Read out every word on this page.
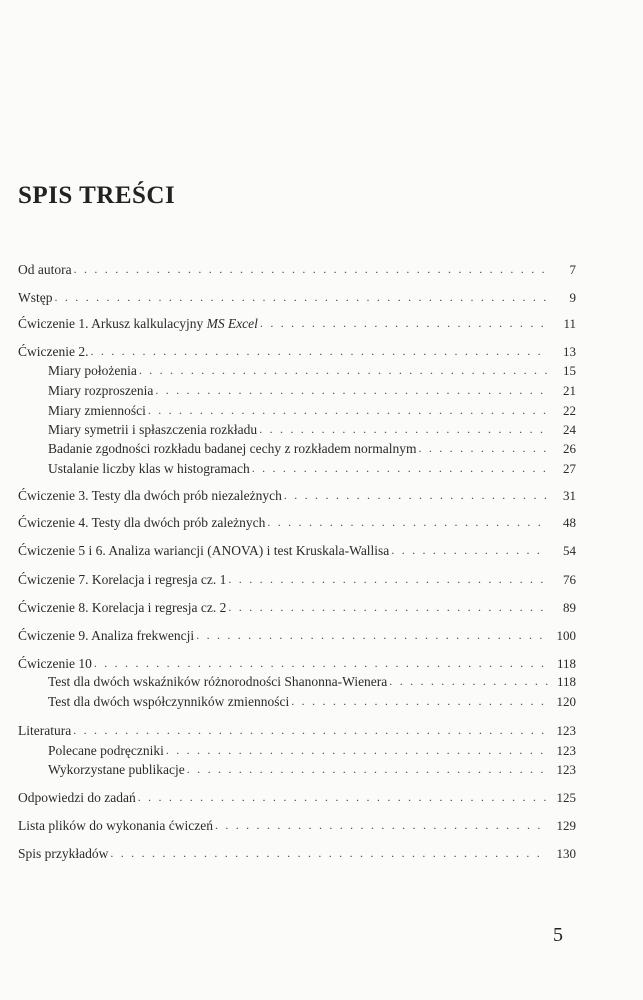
SPIS TREŚCI
Od autora . . .	7
Wstęp . . .	9
Ćwiczenie 1. Arkusz kalkulacyjny MS Excel . . .	11
Ćwiczenie 2. . . .	13
Miary położenia . . .	15
Miary rozproszenia . . .	21
Miary zmienności . . .	22
Miary symetrii i spłaszczenia rozkładu . . .	24
Badanie zgodności rozkładu badanej cechy z rozkładem normalnym . . .	26
Ustalanie liczby klas w histogramach . . .	27
Ćwiczenie 3. Testy dla dwóch prób niezależnych . . .	31
Ćwiczenie 4. Testy dla dwóch prób zależnych . . .	48
Ćwiczenie 5 i 6. Analiza wariancji (ANOVA) i test Kruskala-Wallisa . . .	54
Ćwiczenie 7. Korelacja i regresja cz. 1 . . .	76
Ćwiczenie 8. Korelacja i regresja cz. 2 . . .	89
Ćwiczenie 9. Analiza frekwencji . . .	100
Ćwiczenie 10 . . .	118
Test dla dwóch wskaźników różnorodności Shanonna-Wienera . . .	118
Test dla dwóch współczynników zmienności . . .	120
Literatura . . .	123
Polecane podręczniki . . .	123
Wykorzystane publikacje . . .	123
Odpowiedzi do zadań . . .	125
Lista plików do wykonania ćwiczeń . . .	129
Spis przykładów . . .	130
5
